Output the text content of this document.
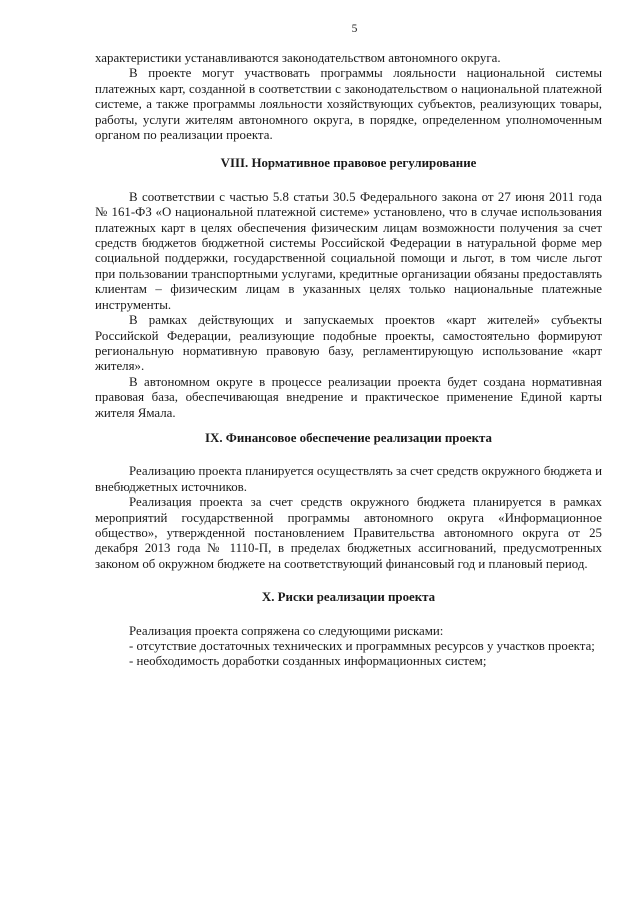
5

характеристики устанавливаются законодательством автономного округа.

В проекте могут участвовать программы лояльности национальной системы платежных карт, созданной в соответствии с законодательством о национальной платежной системе, а также программы лояльности хозяйствующих субъектов, реализующих товары, работы, услуги жителям автономного округа, в порядке, определенном уполномоченным органом по реализации проекта.

VIII. Нормативное правовое регулирование

В соответствии с частью 5.8 статьи 30.5 Федерального закона от 27 июня 2011 года № 161-ФЗ «О национальной платежной системе» установлено, что в случае использования платежных карт в целях обеспечения физическим лицам возможности получения за счет средств бюджетов бюджетной системы Российской Федерации в натуральной форме мер социальной поддержки, государственной социальной помощи и льгот, в том числе льгот при пользовании транспортными услугами, кредитные организации обязаны предоставлять клиентам – физическим лицам в указанных целях только национальные платежные инструменты.

В рамках действующих и запускаемых проектов «карт жителей» субъекты Российской Федерации, реализующие подобные проекты, самостоятельно формируют региональную нормативную правовую базу, регламентирующую использование «карт жителя».

В автономном округе в процессе реализации проекта будет создана нормативная правовая база, обеспечивающая внедрение и практическое применение Единой карты жителя Ямала.

IX. Финансовое обеспечение реализации проекта

Реализацию проекта планируется осуществлять за счет средств окружного бюджета и внебюджетных источников.

Реализация проекта за счет средств окружного бюджета планируется в рамках мероприятий государственной программы автономного округа «Информационное общество», утвержденной постановлением Правительства автономного округа от 25 декабря 2013 года № 1110-П, в пределах бюджетных ассигнований, предусмотренных законом об окружном бюджете на соответствующий финансовый год и плановый период.

X. Риски реализации проекта

Реализация проекта сопряжена со следующими рисками:

- отсутствие достаточных технических и программных ресурсов у участков проекта;

- необходимость доработки созданных информационных систем;
